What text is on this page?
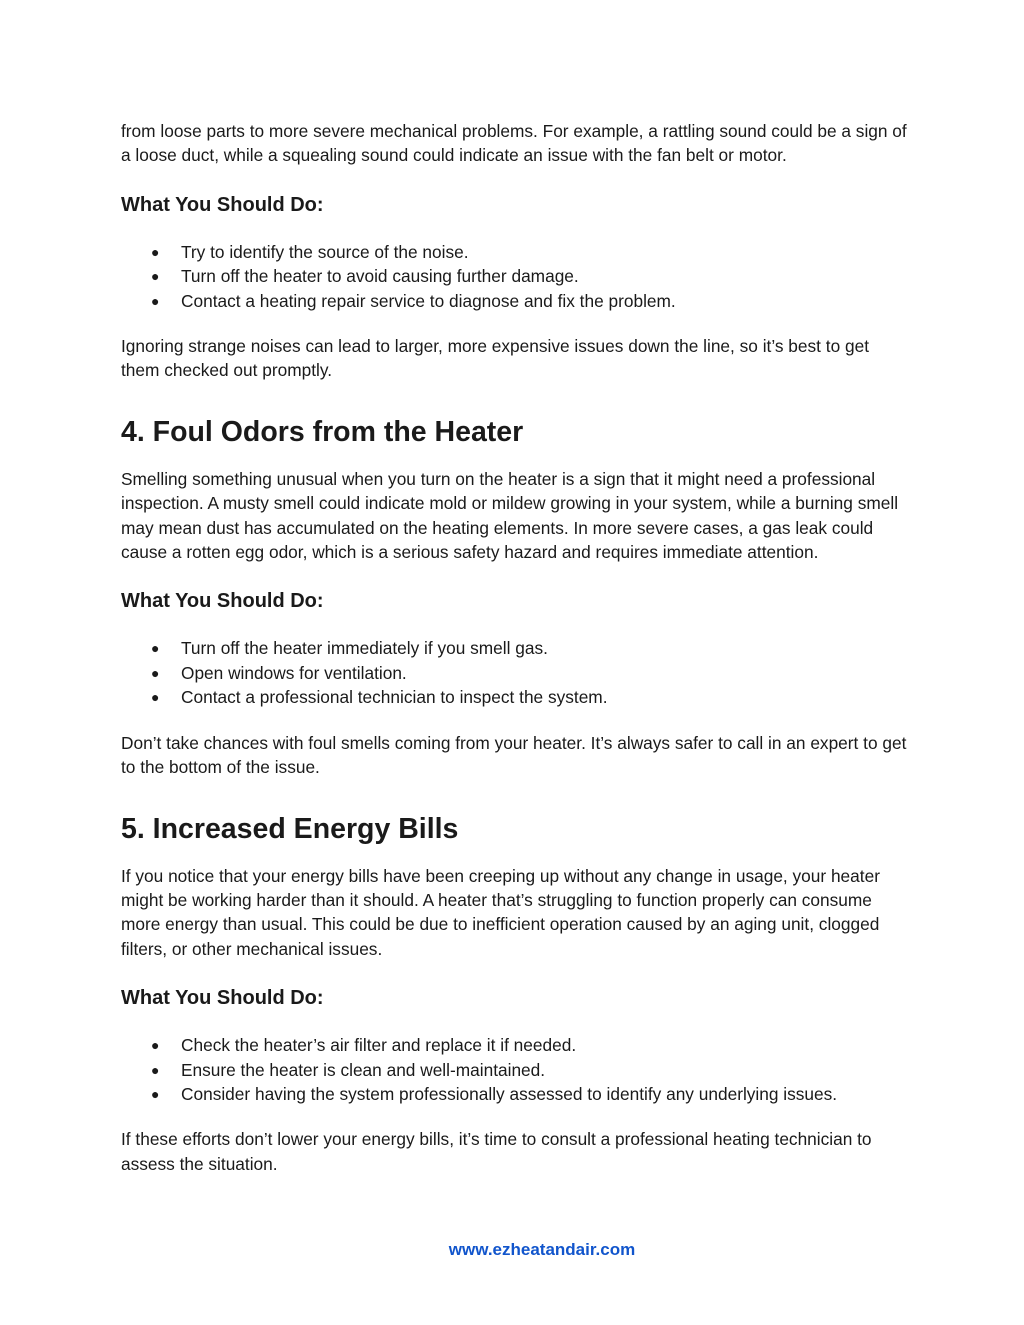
from loose parts to more severe mechanical problems. For example, a rattling sound could be a sign of a loose duct, while a squealing sound could indicate an issue with the fan belt or motor.

What You Should Do:
● Try to identify the source of the noise.
● Turn off the heater to avoid causing further damage.
● Contact a heating repair service to diagnose and fix the problem.

Ignoring strange noises can lead to larger, more expensive issues down the line, so it’s best to get them checked out promptly.

4. Foul Odors from the Heater

Smelling something unusual when you turn on the heater is a sign that it might need a professional inspection. A musty smell could indicate mold or mildew growing in your system, while a burning smell may mean dust has accumulated on the heating elements. In more severe cases, a gas leak could cause a rotten egg odor, which is a serious safety hazard and requires immediate attention.

What You Should Do:
● Turn off the heater immediately if you smell gas.
● Open windows for ventilation.
● Contact a professional technician to inspect the system.

Don’t take chances with foul smells coming from your heater. It’s always safer to call in an expert to get to the bottom of the issue.

5. Increased Energy Bills

If you notice that your energy bills have been creeping up without any change in usage, your heater might be working harder than it should. A heater that’s struggling to function properly can consume more energy than usual. This could be due to inefficient operation caused by an aging unit, clogged filters, or other mechanical issues.

What You Should Do:
● Check the heater’s air filter and replace it if needed.
● Ensure the heater is clean and well-maintained.
● Consider having the system professionally assessed to identify any underlying issues.

If these efforts don’t lower your energy bills, it’s time to consult a professional heating technician to assess the situation.

www.ezheatandair.com
